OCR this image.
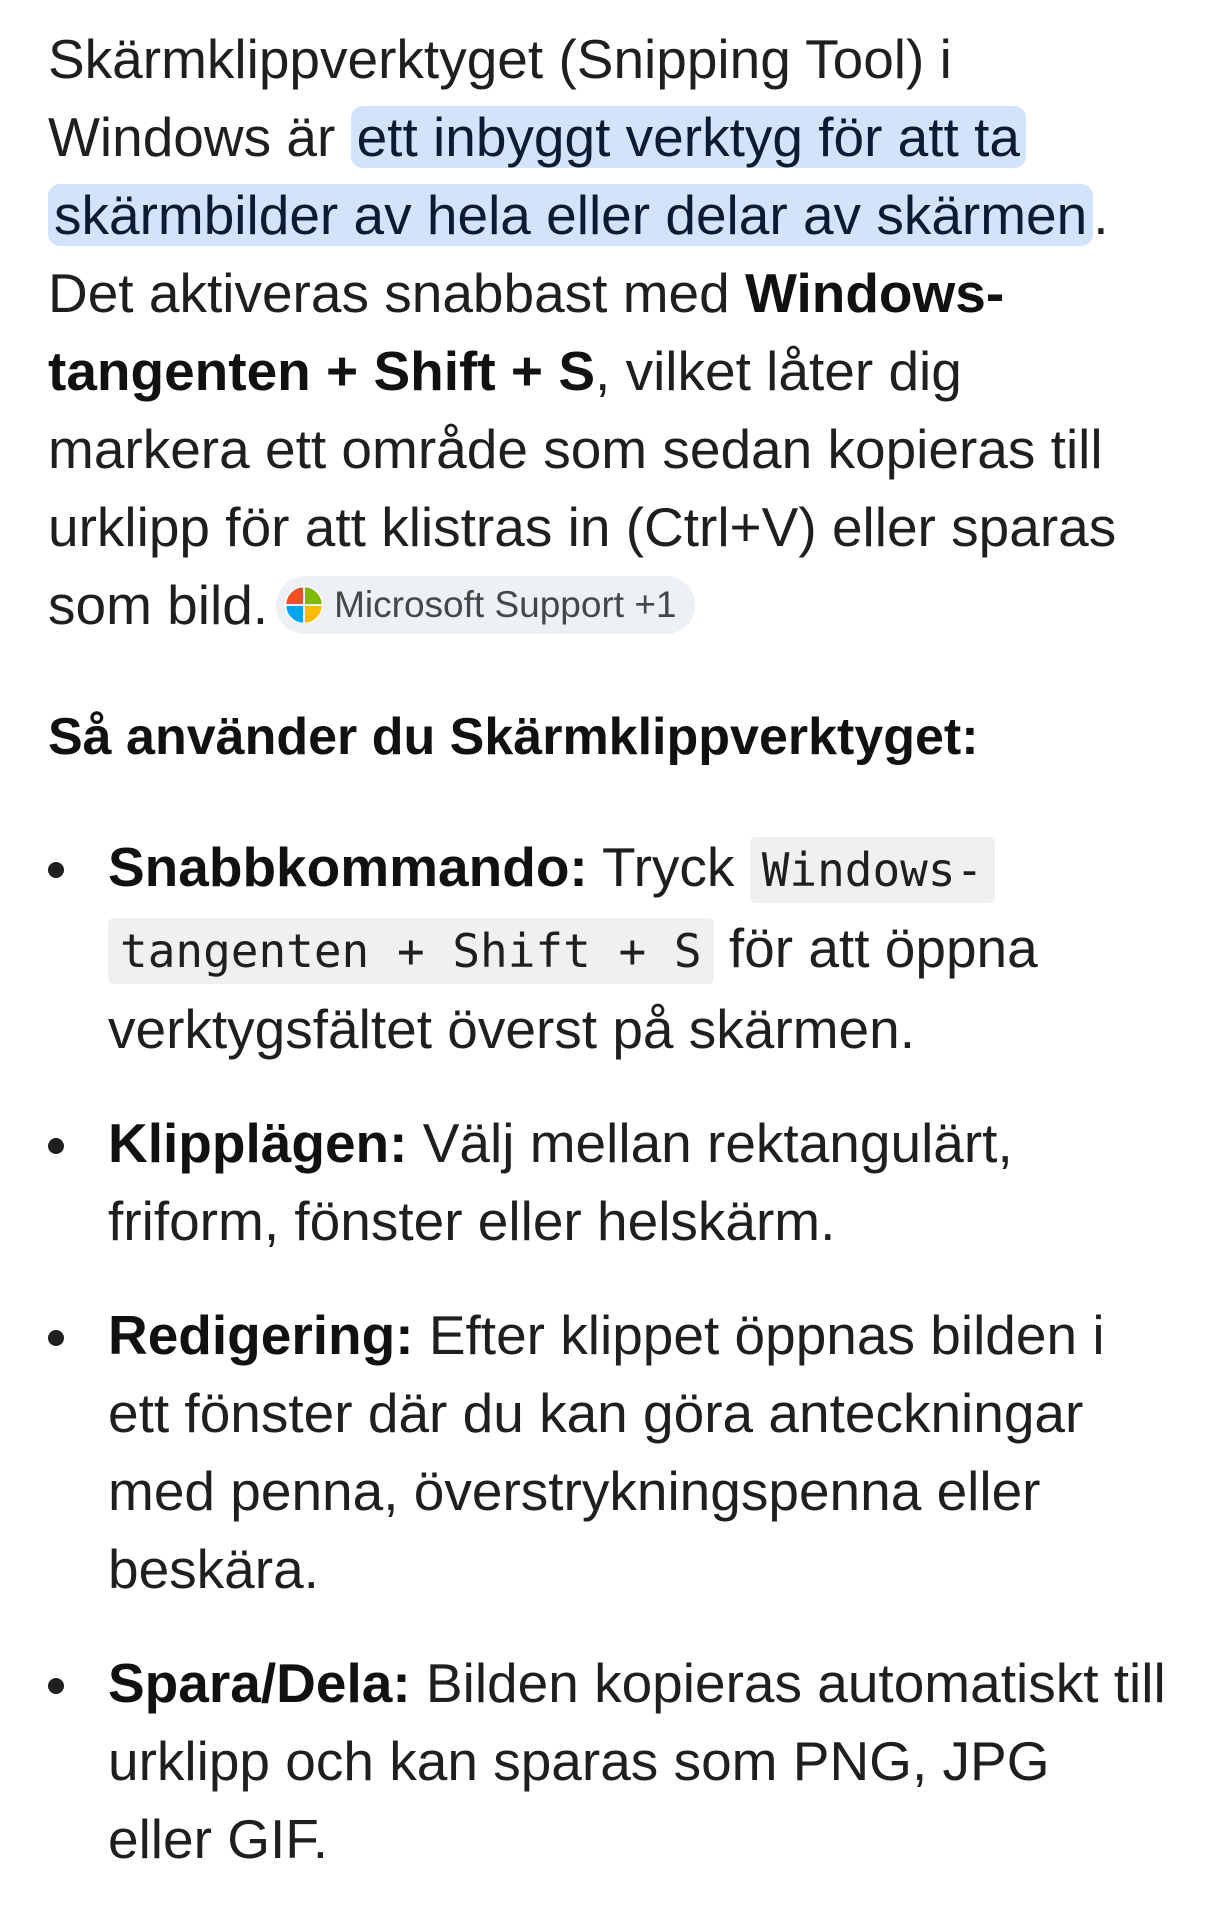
Skärmklippverktyget (Snipping Tool) i Windows är ett inbyggt verktyg för att ta skärmbilder av hela eller delar av skärmen . Det aktiveras snabbast med Windows-tangenten + Shift + S, vilket låter dig markera ett område som sedan kopieras till urklipp för att klistras in (Ctrl+V) eller sparas som bild. Microsoft Support +1

Så använder du Skärmklippverktyget:
Snabbkommando: Tryck Windows-tangenten + Shift + S för att öppna verktygsfältet överst på skärmen.
Klipplägen: Välj mellan rektangulärt, friform, fönster eller helskärm.
Redigering: Efter klippet öppnas bilden i ett fönster där du kan göra anteckningar med penna, överstrykningspenna eller beskära.
Spara/Dela: Bilden kopieras automatiskt till urklipp och kan sparas som PNG, JPG eller GIF.
